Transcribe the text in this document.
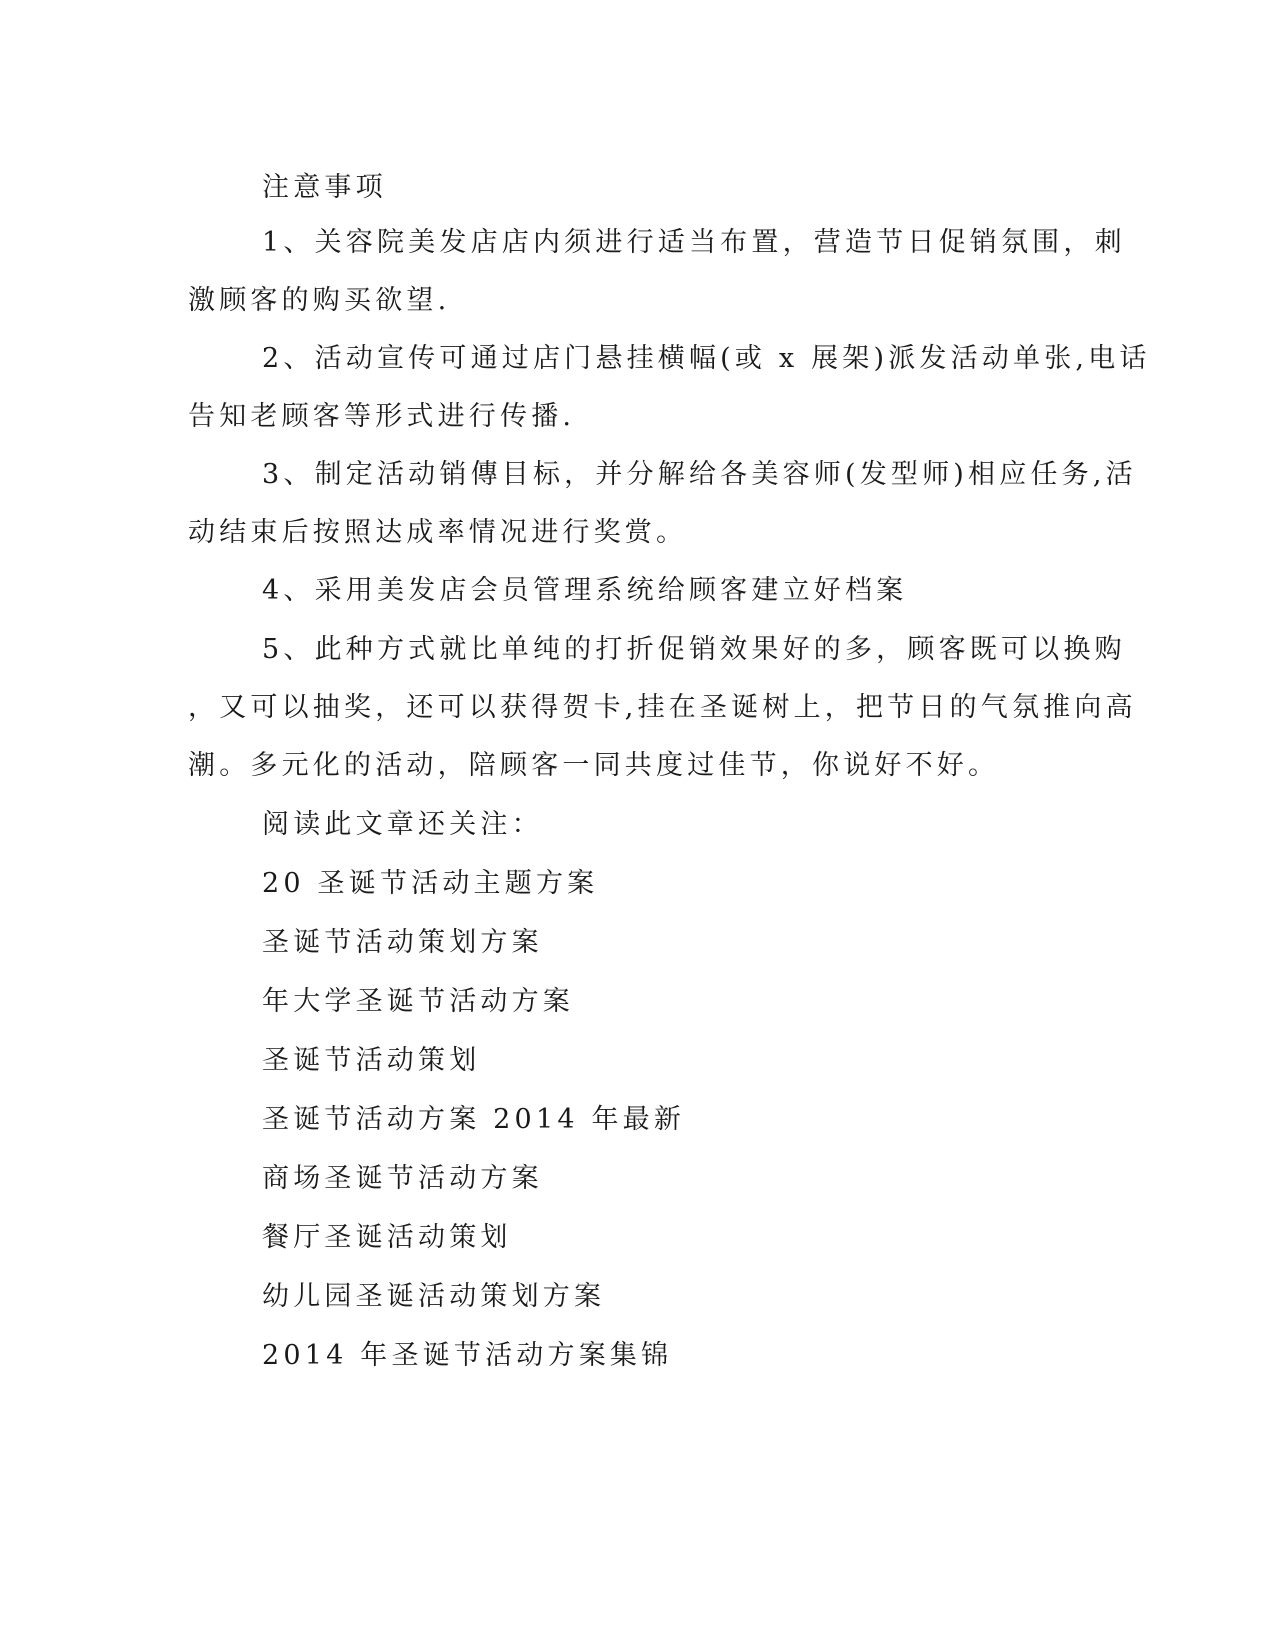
注意事项
1、关容院美发店店内须进行适当布置，营造节日促销氛围，刺
激顾客的购买欲望.
2、活动宣传可通过店门悬挂横幅(或 x 展架)派发活动单张,电话
告知老顾客等形式进行传播.
3、制定活动销傳目标，并分解给各美容师(发型师)相应任务,活
动结束后按照达成率情况进行奖赏。
4、采用美发店会员管理系统给顾客建立好档案
5、此种方式就比单纯的打折促销效果好的多，顾客既可以换购
，又可以抽奖，还可以获得贺卡,挂在圣诞树上，把节日的气氛推向高
潮。多元化的活动，陪顾客一同共度过佳节，你说好不好。
阅读此文章还关注：
20 圣诞节活动主题方案
圣诞节活动策划方案
年大学圣诞节活动方案
圣诞节活动策划
圣诞节活动方案 2014 年最新
商场圣诞节活动方案
餐厅圣诞活动策划
幼儿园圣诞活动策划方案
2014 年圣诞节活动方案集锦
